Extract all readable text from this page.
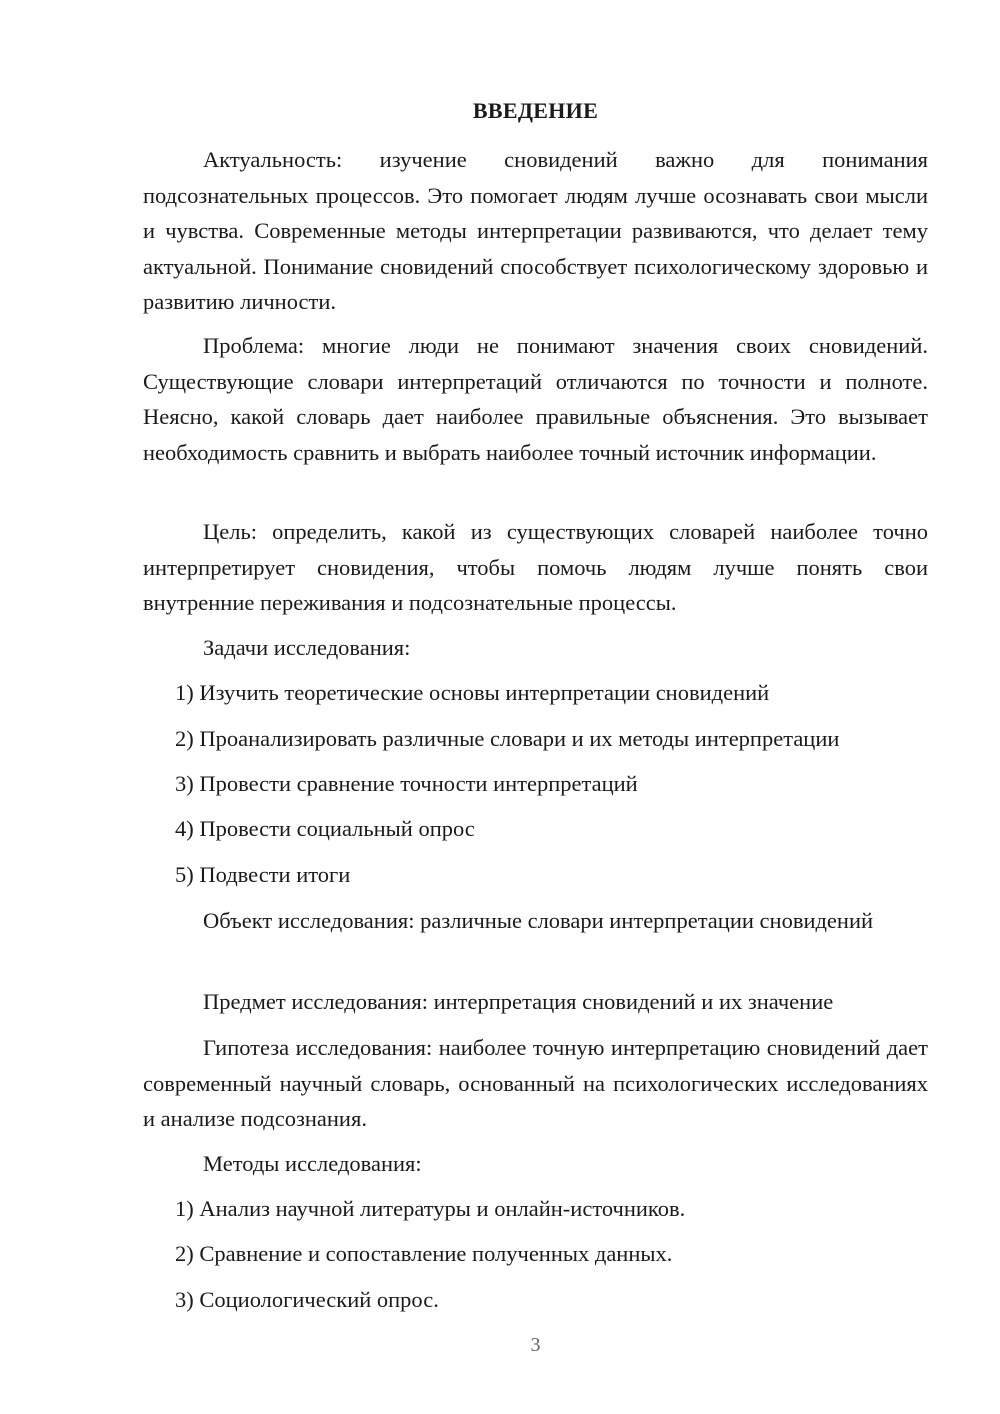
ВВЕДЕНИЕ

Актуальность: изучение сновидений важно для понимания подсознательных процессов. Это помогает людям лучше осознавать свои мысли и чувства. Современные методы интерпретации развиваются, что делает тему актуальной. Понимание сновидений способствует психологическому здоровью и развитию личности.

Проблема: многие люди не понимают значения своих сновидений. Существующие словари интерпретаций отличаются по точности и полноте. Неясно, какой словарь дает наиболее правильные объяснения. Это вызывает необходимость сравнить и выбрать наиболее точный источник информации.

Цель: определить, какой из существующих словарей наиболее точно интерпретирует сновидения, чтобы помочь людям лучше понять свои внутренние переживания и подсознательные процессы.

Задачи исследования:

1) Изучить теоретические основы интерпретации сновидений

2) Проанализировать различные словари и их методы интерпретации

3) Провести сравнение точности интерпретаций

4) Провести социальный опрос

5) Подвести итоги

Объект исследования: различные словари интерпретации сновидений

Предмет исследования: интерпретация сновидений и их значение

Гипотеза исследования: наиболее точную интерпретацию сновидений дает современный научный словарь, основанный на психологических исследованиях и анализе подсознания.

Методы исследования:

1) Анализ научной литературы и онлайн-источников.

2) Сравнение и сопоставление полученных данных.

3) Социологический опрос.

3
